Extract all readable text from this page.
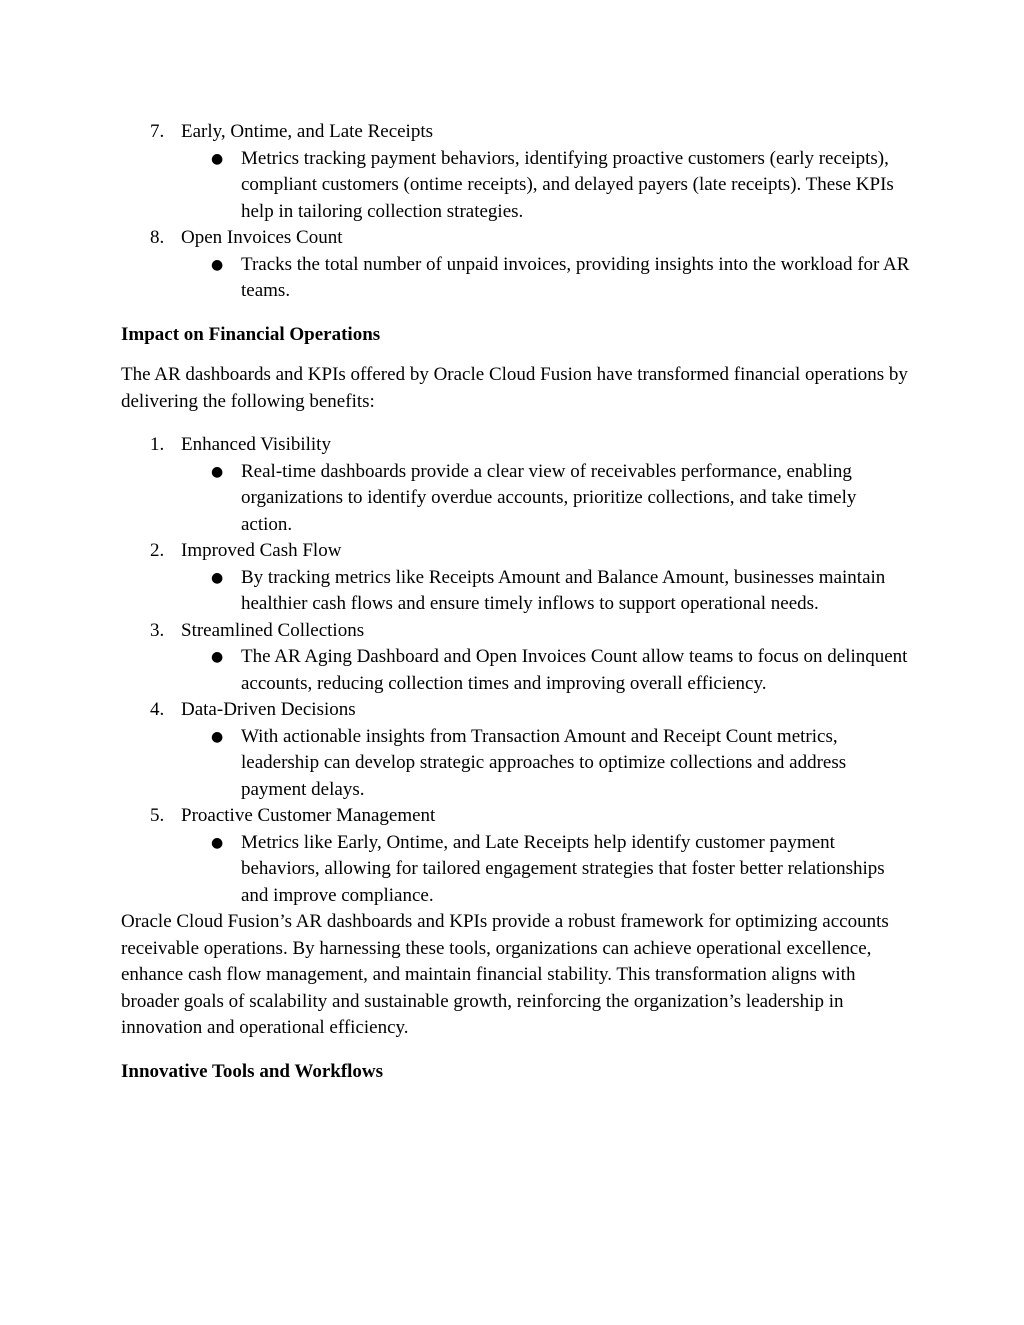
7. Early, Ontime, and Late Receipts
● Metrics tracking payment behaviors, identifying proactive customers (early receipts), compliant customers (ontime receipts), and delayed payers (late receipts). These KPIs help in tailoring collection strategies.
8. Open Invoices Count
● Tracks the total number of unpaid invoices, providing insights into the workload for AR teams.
Impact on Financial Operations

The AR dashboards and KPIs offered by Oracle Cloud Fusion have transformed financial operations by delivering the following benefits:

1. Enhanced Visibility
● Real-time dashboards provide a clear view of receivables performance, enabling organizations to identify overdue accounts, prioritize collections, and take timely action.
2. Improved Cash Flow
● By tracking metrics like Receipts Amount and Balance Amount, businesses maintain healthier cash flows and ensure timely inflows to support operational needs.
3. Streamlined Collections
● The AR Aging Dashboard and Open Invoices Count allow teams to focus on delinquent accounts, reducing collection times and improving overall efficiency.
4. Data-Driven Decisions
● With actionable insights from Transaction Amount and Receipt Count metrics, leadership can develop strategic approaches to optimize collections and address payment delays.
5. Proactive Customer Management
● Metrics like Early, Ontime, and Late Receipts help identify customer payment behaviors, allowing for tailored engagement strategies that foster better relationships and improve compliance.

Oracle Cloud Fusion’s AR dashboards and KPIs provide a robust framework for optimizing accounts receivable operations. By harnessing these tools, organizations can achieve operational excellence, enhance cash flow management, and maintain financial stability. This transformation aligns with broader goals of scalability and sustainable growth, reinforcing the organization’s leadership in innovation and operational efficiency.

Innovative Tools and Workflows
